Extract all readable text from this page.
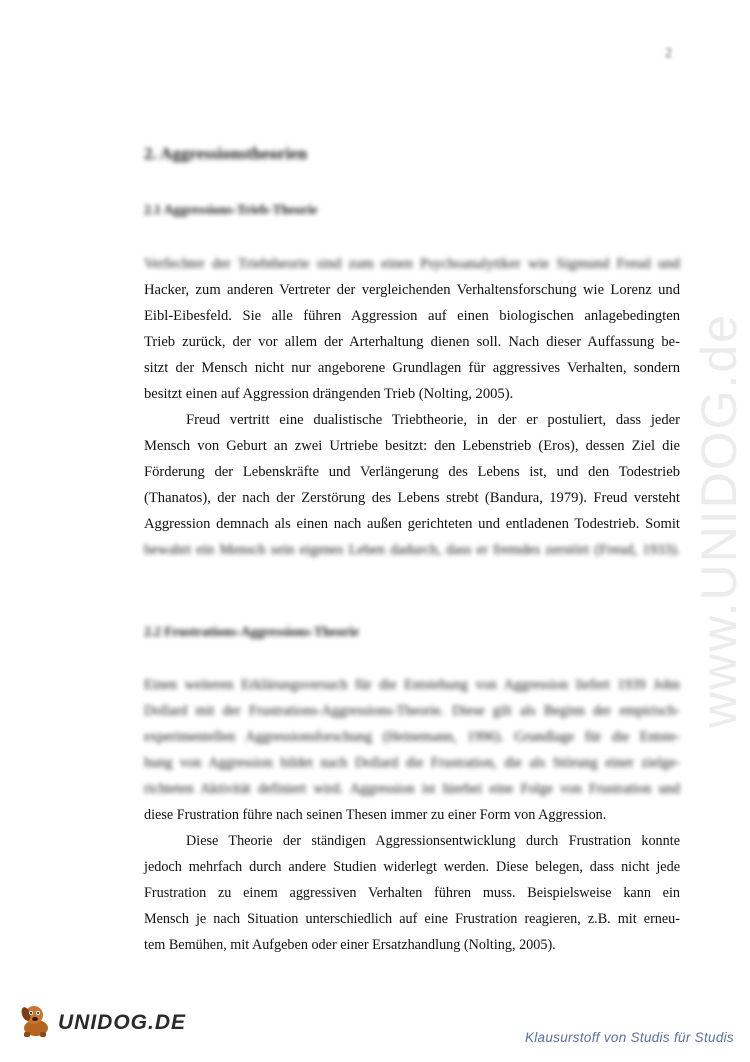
2
2. Aggressionstheorien
2.1 Aggressions-Trieb-Theorie
Verfechter der Triebtheorie sind zum einen Psychoanalytiker wie Sigmund Freud und
Hacker, zum anderen Vertreter der vergleichenden Verhaltensforschung wie Lorenz und
Eibl-Eibesfeld. Sie alle führen Aggression auf einen biologischen anlagebedingten
Trieb zurück, der vor allem der Arterhaltung dienen soll. Nach dieser Auffassung be-
sitzt der Mensch nicht nur angeborene Grundlagen für aggressives Verhalten, sondern
besitzt einen auf Aggression drängenden Trieb (Nolting, 2005).
Freud vertritt eine dualistische Triebtheorie, in der er postuliert, dass jeder
Mensch von Geburt an zwei Urtriebe besitzt: den Lebenstrieb (Eros), dessen Ziel die
Förderung der Lebenskräfte und Verlängerung des Lebens ist, und den Todestrieb
(Thanatos), der nach der Zerstörung des Lebens strebt (Bandura, 1979). Freud versteht
Aggression demnach als einen nach außen gerichteten und entladenen Todestrieb. Somit
bewahrt ein Mensch sein eigenes Leben dadurch, dass er fremdes zerstört (Freud, 1933).
2.2 Frustrations-Aggressions-Theorie
Einen weiteren Erklärungsversuch für die Entstehung von Aggression liefert 1939 John
Dollard mit der Frustrations-Aggressions-Theorie. Diese gilt als Beginn der empirisch-
experimentellen Aggressionsforschung (Heinemann, 1996). Grundlage für die Entste-
hung von Aggression bildet nach Dollard die Frustration, die als Störung einer zielge-
richteten Aktivität definiert wird. Aggression ist hierbei eine Folge von Frustration und
diese Frustration führe nach seinen Thesen immer zu einer Form von Aggression.
Diese Theorie der ständigen Aggressionsentwicklung durch Frustration konnte
jedoch mehrfach durch andere Studien widerlegt werden. Diese belegen, dass nicht jede
Frustration zu einem aggressiven Verhalten führen muss. Beispielsweise kann ein
Mensch je nach Situation unterschiedlich auf eine Frustration reagieren, z.B. mit erneu-
tem Bemühen, mit Aufgeben oder einer Ersatzhandlung (Nolting, 2005).
www.UNIDOG.de
UNIDOG.DE
Klausurstoff von Studis für Studis
